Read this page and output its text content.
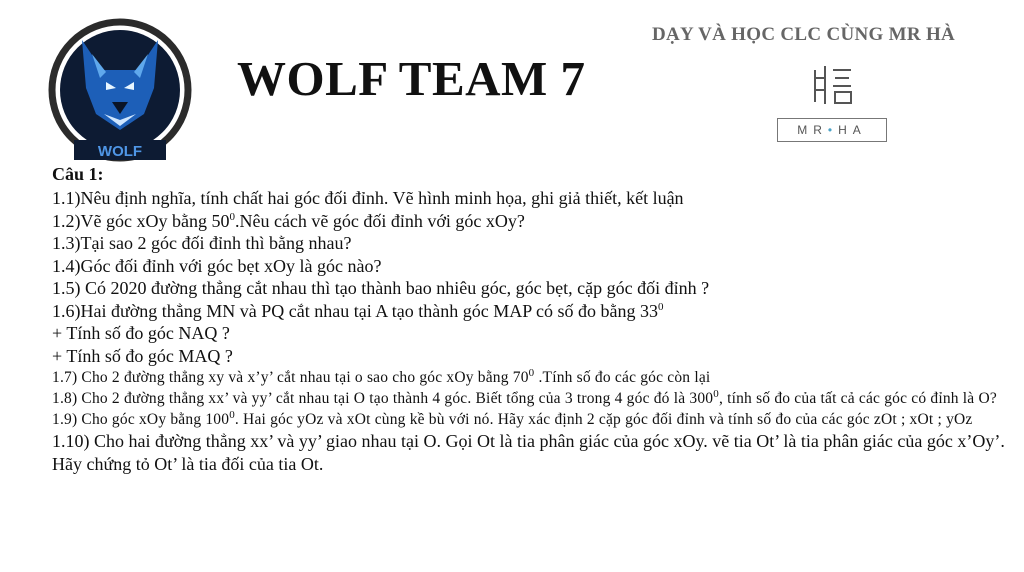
WOLF
WOLF TEAM 7
DẠY VÀ HỌC CLC CÙNG MR HÀ
M R • H A
Câu 1:
1.1)Nêu định nghĩa, tính chất hai góc đối đỉnh. Vẽ hình minh họa, ghi giả thiết, kết luận
1.2)Vẽ góc xOy bằng $50^0.Nêu$ cách vẽ góc đối đỉnh với góc xOy?
1.3)Tại sao 2 góc đối đỉnh thì bằng nhau?
1.4)Góc đối đỉnh với góc bẹt xOy là góc nào?
1.5) Có 2020 đường thẳng cắt nhau thì tạo thành bao nhiêu góc, góc bẹt, cặp góc đối đỉnh ?
1.6)Hai đường thẳng MN và PQ cắt nhau tại A tạo thành góc MAP có số đo bằng $33^0$
+ Tính số đo góc NAQ ?
+ Tính số đo góc MAQ ?
1.7) Cho 2 đường thẳng xy và x’y’ cắt nhau tại o sao cho góc xOy bằng $70^0$ .Tính số đo các góc còn lại
1.8) Cho 2 đường thẳng xx’ và yy’ cắt nhau tại O tạo thành 4 góc. Biết tổng của 3 trong 4 góc đó là $300^0$, tính số đo của tất cả các góc có đỉnh là O?
1.9) Cho góc xOy bằng $100^0$. Hai góc yOz và xOt cùng kề bù với nó. Hãy xác định 2 cặp góc đối đỉnh và tính số đo của các góc zOt ; xOt ; yOz
1.10) Cho hai đường thẳng xx’ và yy’ giao nhau tại O. Gọi Ot là tia phân giác của góc xOy. vẽ tia Ot’ là tia phân giác của góc x’Oy’. Hãy chứng tỏ Ot’ là tia đối của tia Ot.
